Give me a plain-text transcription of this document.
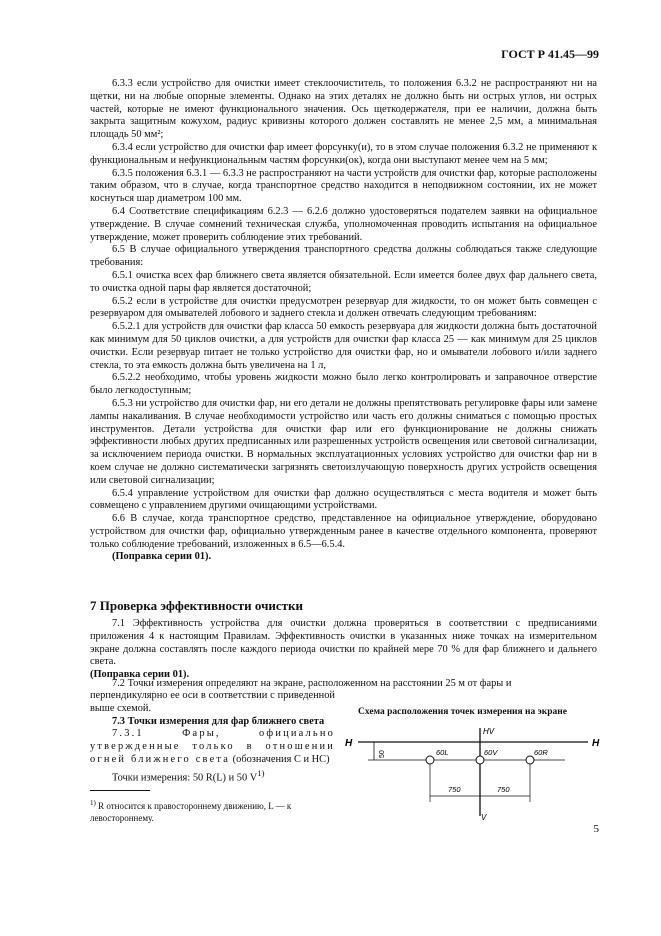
ГОСТ Р 41.45—99

6.3.3 если устройство для очистки имеет стеклоочиститель, то положения 6.3.2 не распространяют ни на щетки, ни на любые опорные элементы. Однако на этих деталях не должно быть ни острых углов, ни острых частей, которые не имеют функционального значения. Ось щеткодержателя, при ее наличии, должна быть закрыта защитным кожухом, радиус кривизны которого должен составлять не менее 2,5 мм, а минимальная площадь 50 мм²;

6.3.4 если устройство для очистки фар имеет форсунку(и), то в этом случае положения 6.3.2 не применяют к функциональным и нефункциональным частям форсунки(ок), когда они выступают менее чем на 5 мм;

6.3.5 положения 6.3.1 — 6.3.3 не распространяют на части устройств для очистки фар, которые расположены таким образом, что в случае, когда транспортное средство находится в неподвижном состоянии, их не может коснуться шар диаметром 100 мм.

6.4 Соответствие спецификациям 6.2.3 — 6.2.6 должно удостоверяться подателем заявки на официальное утверждение. В случае сомнений техническая служба, уполномоченная проводить испытания на официальное утверждение, может проверить соблюдение этих требований.

6.5 В случае официального утверждения транспортного средства должны соблюдаться также следующие требования:

6.5.1 очистка всех фар ближнего света является обязательной. Если имеется более двух фар дальнего света, то очистка одной пары фар является достаточной;

6.5.2 если в устройстве для очистки предусмотрен резервуар для жидкости, то он может быть совмещен с резервуаром для омывателей лобового и заднего стекла и должен отвечать следующим требованиям:

6.5.2.1 для устройств для очистки фар класса 50 емкость резервуара для жидкости должна быть достаточной как минимум для 50 циклов очистки, а для устройств для очистки фар класса 25 — как минимум для 25 циклов очистки. Если резервуар питает не только устройство для очистки фар, но и омыватели лобового и/или заднего стекла, то эта емкость должна быть увеличена на 1 л,

6.5.2.2 необходимо, чтобы уровень жидкости можно было легко контролировать и заправочное отверстие было легкодоступным;

6.5.3 ни устройство для очистки фар, ни его детали не должны препятствовать регулировке фары или замене лампы накаливания. В случае необходимости устройство или часть его должны сниматься с помощью простых инструментов. Детали устройства для очистки фар или его функционирование не должны снижать эффективности любых других предписанных или разрешенных устройств освещения или световой сигнализации, за исключением периода очистки. В нормальных эксплуатационных условиях устройство для очистки фар ни в коем случае не должно систематически загрязнять светоизлучающую поверхность других устройств освещения или световой сигнализации;

6.5.4 управление устройством для очистки фар должно осуществляться с места водителя и может быть совмещено с управлением другими очищающими устройствами.

6.6 В случае, когда транспортное средство, представленное на официальное утверждение, оборудовано устройством для очистки фар, официально утвержденным ранее в качестве отдельного компонента, проверяют только соблюдение требований, изложенных в 6.5—6.5.4.

(Поправка серии 01).

7 Проверка эффективности очистки

7.1 Эффективность устройства для очистки должна проверяться в соответствии с предписаниями приложения 4 к настоящим Правилам. Эффективность очистки в указанных ниже точках на измерительном экране должна составлять после каждого периода очистки по крайней мере 70 % для фар ближнего и дальнего света.

(Поправка серии 01).

7.2 Точки измерения определяют на экране, расположенном на расстоянии 25 м от фары и

перпендикулярно ее оси в соответствии с приведенной выше схемой.

7.3 Точки измерения для фар ближнего света

7.3.1 Фары, официально утвержденные только в отношении огней ближнего света (обозначения C и HC)

Точки измерения: 50 R(L) и 50 $V^{1)}$

$^{1)}$ R относится к правостороннему движению, L — к левостороннему.
Схема расположения точек измерения на экране
H	H
HV
V
60L	60V	60R
50
750	750
5
